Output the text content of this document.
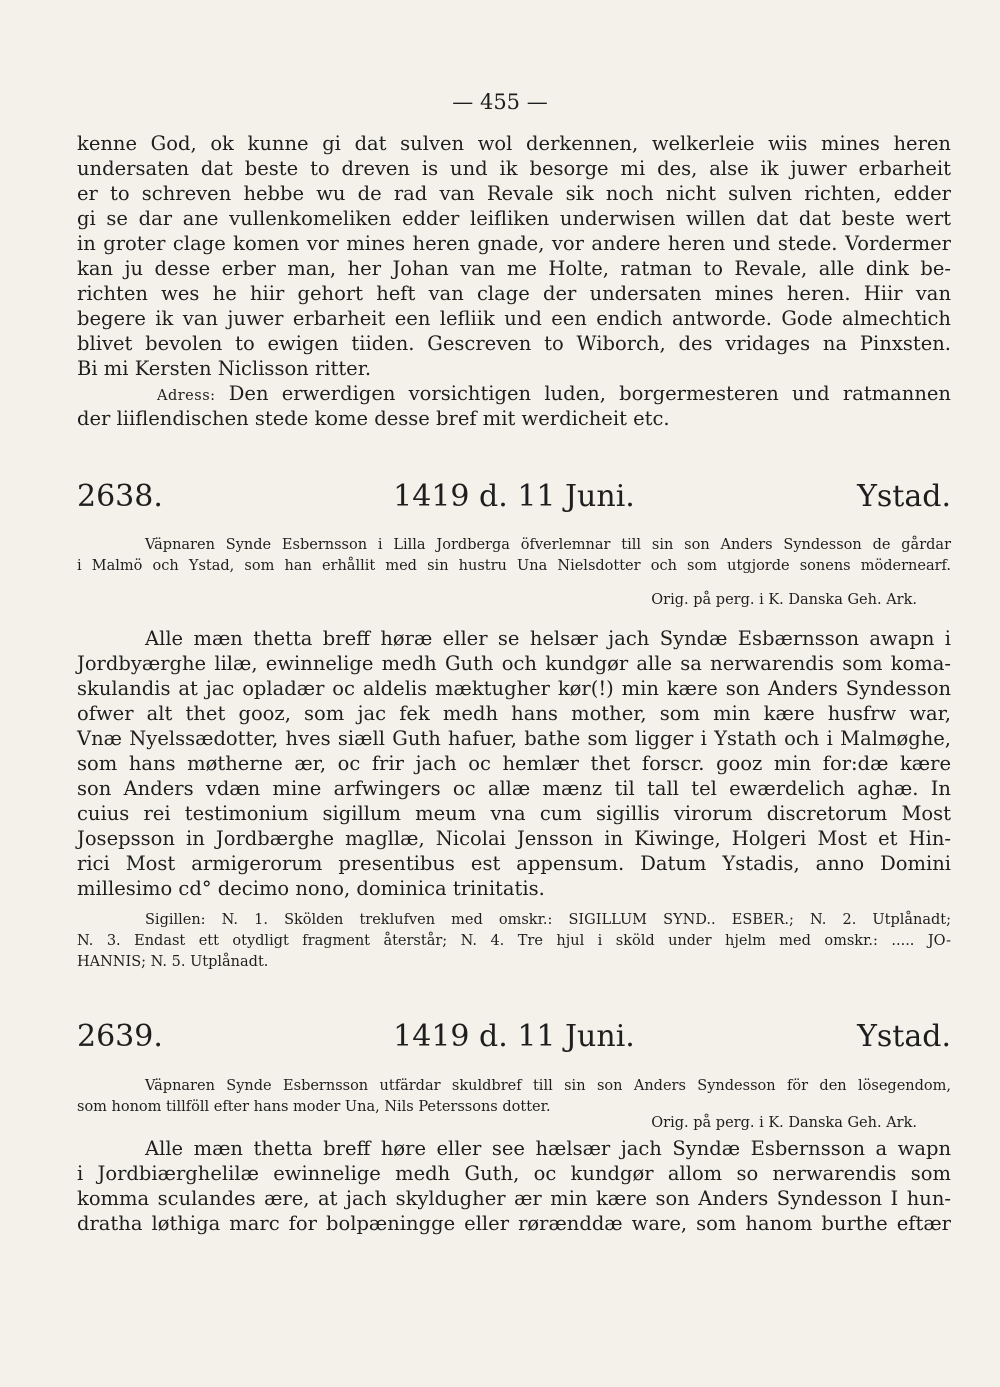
— 455 —
kenne God, ok kunne gi dat sulven wol derkennen, welkerleie wiis mines heren
undersaten dat beste to dreven is und ik besorge mi des, alse ik juwer erbarheit
er to schreven hebbe wu de rad van Revale sik noch nicht sulven richten, edder
gi se dar ane vullenkomeliken edder leifliken underwisen willen dat dat beste wert
in groter clage komen vor mines heren gnade, vor andere heren und stede. Vordermer
kan ju desse erber man, her Johan van me Holte, ratman to Revale, alle dink be-
richten wes he hiir gehort heft van clage der undersaten mines heren. Hiir van
begere ik van juwer erbarheit een lefliik und een endich antworde. Gode almechtich
blivet bevolen to ewigen tiiden. Gescreven to Wiborch, des vridages na Pinxsten.
Bi mi Kersten Niclisson ritter.
Adress: Den erwerdigen vorsichtigen luden, borgermesteren und ratmannen
der liiflendischen stede kome desse bref mit werdicheit etc.
2638.	1419 d. 11 Juni.	Ystad.
Väpnaren Synde Esbernsson i Lilla Jordberga öfverlemnar till sin son Anders Syndesson de gårdar
i Malmö och Ystad, som han erhållit med sin hustru Una Nielsdotter och som utgjorde sonens mödernearf.
Orig. på perg. i K. Danska Geh. Ark.
Alle mæn thetta breff høræ eller se helsær jach Syndæ Esbærnsson awapn i
Jordbyærghe lilæ, ewinnelige medh Guth och kundgør alle sa nerwarendis som koma-
skulandis at jac opladær oc aldelis mæktugher kør(!) min kære son Anders Syndesson
ofwer alt thet gooz, som jac fek medh hans mother, som min kære husfrw war,
Vnæ Nyelssædotter, hves siæll Guth hafuer, bathe som ligger i Ystath och i Malmøghe,
som hans møtherne ær, oc frir jach oc hemlær thet forscr. gooz min for:dæ kære
son Anders vdæn mine arfwingers oc allæ mænz til tall tel ewærdelich aghæ. In
cuius rei testimonium sigillum meum vna cum sigillis virorum discretorum Most
Josepsson in Jordbærghe magllæ, Nicolai Jensson in Kiwinge, Holgeri Most et Hin-
rici Most armigerorum presentibus est appensum. Datum Ystadis, anno Domini
millesimo cd° decimo nono, dominica trinitatis.
Sigillen: N. 1. Skölden treklufven med omskr.: SIGILLUM SYND.. ESBER.; N. 2. Utplånadt;
N. 3. Endast ett otydligt fragment återstår; N. 4. Tre hjul i sköld under hjelm med omskr.: ..... JO-
HANNIS; N. 5. Utplånadt.
2639.	1419 d. 11 Juni.	Ystad.
Väpnaren Synde Esbernsson utfärdar skuldbref till sin son Anders Syndesson för den lösegendom,
som honom tillföll efter hans moder Una, Nils Peterssons dotter.
Orig. på perg. i K. Danska Geh. Ark.
Alle mæn thetta breff høre eller see hælsær jach Syndæ Esbernsson a wapn
i Jordbiærghelilæ ewinnelige medh Guth, oc kundgør allom so nerwarendis som
komma sculandes ære, at jach skyldugher ær min kære son Anders Syndesson I hun-
dratha løthiga marc for bolpæningge eller rørænddæ ware, som hanom burthe eftær
